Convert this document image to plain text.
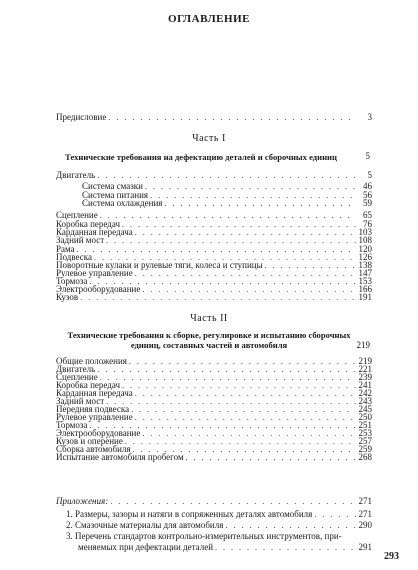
ОГЛАВЛЕНИЕ
Предисловие . . .	3
Часть I
Технические требования на дефектацию деталей и сборочных единиц	5
Двигатель . . .	5
Система смазки . . .	46
Система питания . . .	56
Система охлаждения . . .	59
Сцепление . . .	65
Коробка передач . . .	76
Карданная передача . . .	103
Задний мост . . .	108
Рама . . .	120
Подвеска . . .	126
Поворотные кулаки и рулевые тяги, колеса и ступицы . . .	138
Рулевое управление . . .	147
Тормоза . . .	153
Электрооборудование . . .	166
Кузов . . .	191
Часть II
Технические требования к сборке, регулировке и испытанию сборочных
единиц, составных частей и автомобиля	219
Общие положения . . .	219
Двигатель . . .	221
Сцепление . . .	239
Коробка передач . . .	241
Карданная передача . . .	242
Задний мост . . .	243
Передняя подвеска . . .	245
Рулевое управление . . .	250
Тормоза . . .	251
Электрооборудование . . .	253
Кузов и оперение . . .	257
Сборка автомобиля . . .	259
Испытание автомобиля пробегом . . .	268
Приложения: . . .	271
1. Размеры, зазоры и натяги в сопряженных деталях автомобиля . . .	271
2. Смазочные материалы для автомобиля . . .	290
3. Перечень стандартов контрольно-измерительных инструментов, при-
меняемых при дефектации деталей . . .	291
293
